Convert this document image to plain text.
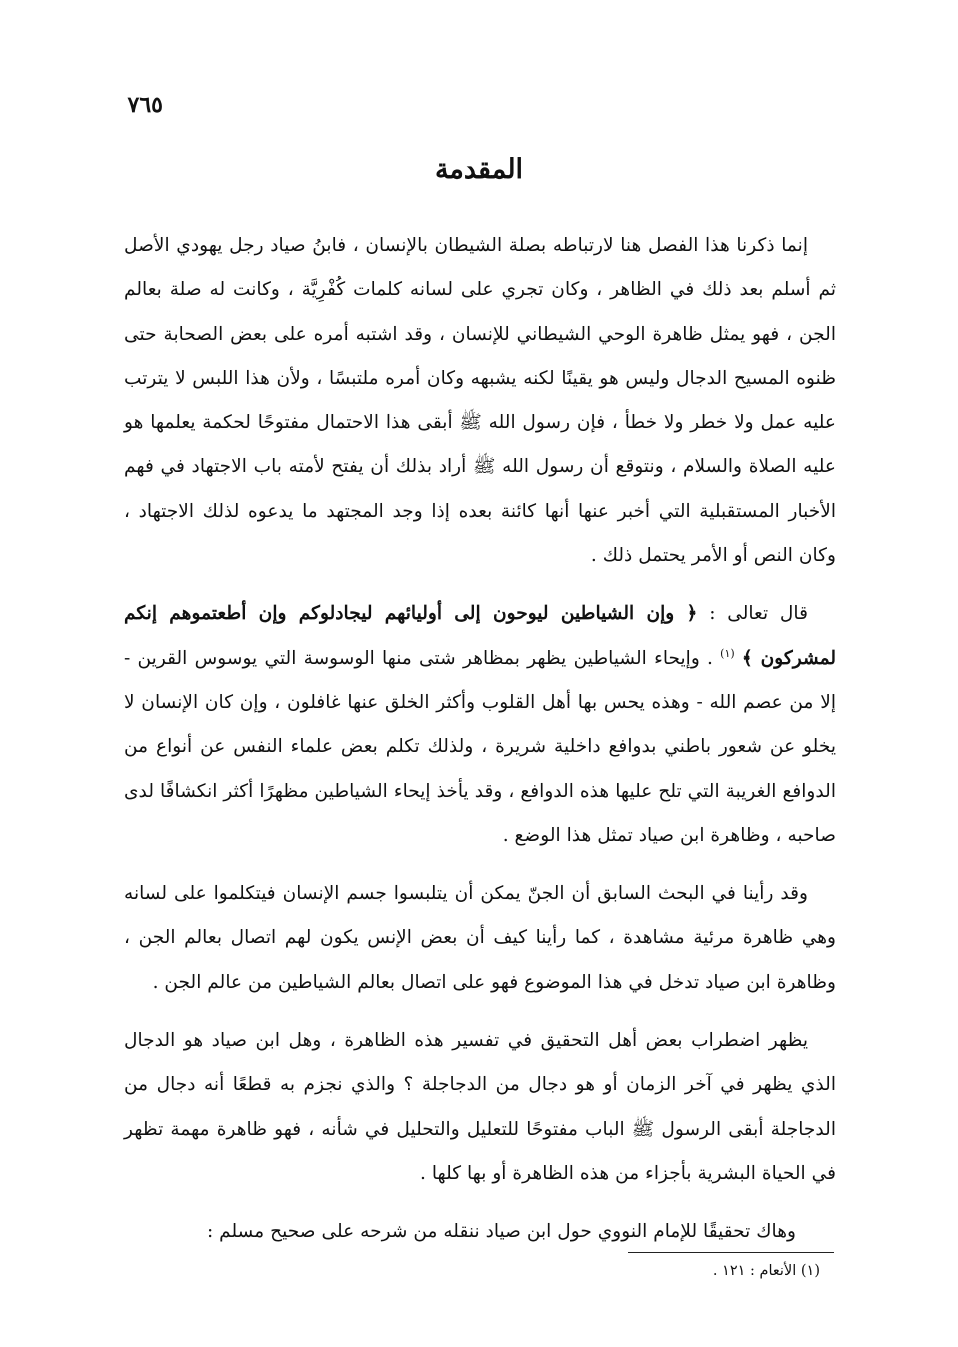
٧٦٥
المقدمة

إنما ذكرنا هذا الفصل هنا لارتباطه بصلة الشيطان بالإنسان ، فابنُ صياد رجل يهودي الأصل ثم أسلم بعد ذلك في الظاهر ، وكان تجري على لسانه كلمات كُفْرِيَّة ، وكانت له صلة بعالم الجن ، فهو يمثل ظاهرة الوحي الشيطاني للإنسان ، وقد اشتبه أمره على بعض الصحابة حتى ظنوه المسيح الدجال وليس هو يقينًا لكنه يشبهه وكان أمره ملتبسًا ، ولأن هذا اللبس لا يترتب عليه عمل ولا خطر ولا خطأ ، فإن رسول الله ﷺ أبقى هذا الاحتمال مفتوحًا لحكمة يعلمها هو عليه الصلاة والسلام ، ونتوقع أن رسول الله ﷺ أراد بذلك أن يفتح لأمته باب الاجتهاد في فهم الأخبار المستقبلية التي أخبر عنها أنها كائنة بعده إذا وجد المجتهد ما يدعوه لذلك الاجتهاد ، وكان النص أو الأمر يحتمل ذلك .

قال تعالى : ﴿ وإن الشياطين ليوحون إلى أوليائهم ليجادلوكم وإن أطعتموهم إنكم لمشركون ﴾ $^{(١)}$ . وإيحاء الشياطين يظهر بمظاهر شتى منها الوسوسة التي يوسوس القرين - إلا من عصم الله - وهذه يحس بها أهل القلوب وأكثر الخلق عنها غافلون ، وإن كان الإنسان لا يخلو عن شعور باطني بدوافع داخلية شريرة ، ولذلك تكلم بعض علماء النفس عن أنواع من الدوافع الغريبة التي تلح عليها هذه الدوافع ، وقد يأخذ إيحاء الشياطين مظهرًا أكثر انكشافًا لدى صاحبه ، وظاهرة ابن صياد تمثل هذا الوضع .

وقد رأينا في البحث السابق أن الجنّ يمكن أن يتلبسوا جسم الإنسان فيتكلموا على لسانه وهي ظاهرة مرئية مشاهدة ، كما رأينا كيف أن بعض الإنس يكون لهم اتصال بعالم الجن ، وظاهرة ابن صياد تدخل في هذا الموضوع فهو على اتصال بعالم الشياطين من عالم الجن .

يظهر اضطراب بعض أهل التحقيق في تفسير هذه الظاهرة ، وهل ابن صياد هو الدجال الذي يظهر في آخر الزمان أو هو دجال من الدجاجلة ؟ والذي نجزم به قطعًا أنه دجال من الدجاجلة أبقى الرسول ﷺ الباب مفتوحًا للتعليل والتحليل في شأنه ، فهو ظاهرة مهمة تظهر في الحياة البشرية بأجزاء من هذه الظاهرة أو بها كلها .

وهاك تحقيقًا للإمام النووي حول ابن صياد ننقله من شرحه على صحيح مسلم :

(١) الأنعام : ١٢١ .
